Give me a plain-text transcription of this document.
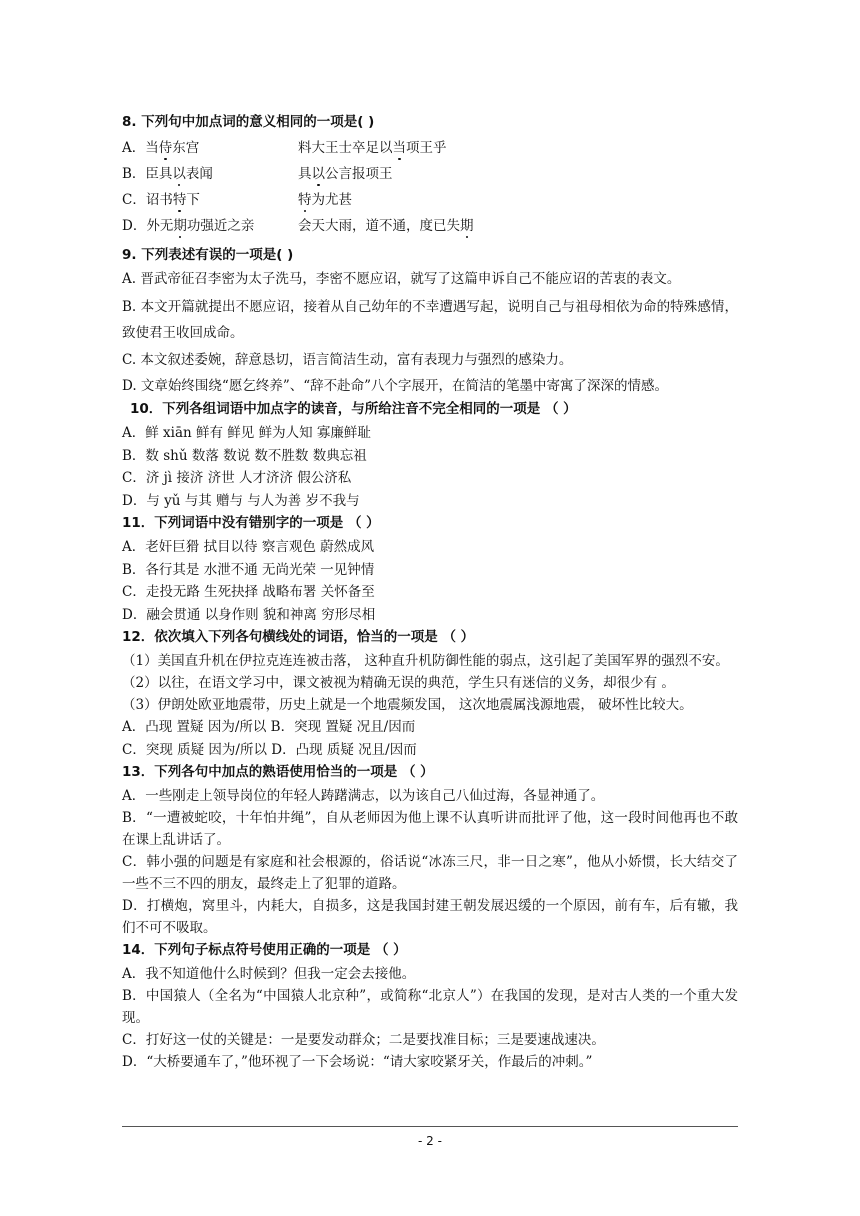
8. 下列句中加点词的意义相同的一项是( )
A．当侍东宫	料大王士卒足以当项王乎
B．臣具以表闻	具以公言报项王
C．诏书特下	特为尤甚
D．外无期功强近之亲	会天大雨，道不通，度已失期
9. 下列表述有误的一项是( )
A. 晋武帝征召李密为太子洗马，李密不愿应诏，就写了这篇申诉自己不能应诏的苦衷的表文。
B. 本文开篇就提出不愿应诏，接着从自己幼年的不幸遭遇写起，说明自己与祖母相依为命的特殊感情，致使君王收回成命。
C. 本文叙述委婉，辞意恳切，语言简洁生动，富有表现力与强烈的感染力。
D. 文章始终围绕“愿乞终养”、“辞不赴命”八个字展开，在简洁的笔墨中寄寓了深深的情感。
10．下列各组词语中加点字的读音，与所给注音不完全相同的一项是 （ ）
A．鲜 xiān 鲜有 鲜见 鲜为人知 寡廉鲜耻
B．数 shǔ 数落 数说 数不胜数 数典忘祖
C．济 jì 接济 济世 人才济济 假公济私
D．与 yǔ 与其 赠与 与人为善 岁不我与
11．下列词语中没有错别字的一项是 （ ）
A．老奸巨猾 拭目以待 察言观色 蔚然成风
B．各行其是 水泄不通 无尚光荣 一见钟情
C．走投无路 生死抉择 战略布署 关怀备至
D．融会贯通 以身作则 貌和神离 穷形尽相
12．依次填入下列各句横线处的词语，恰当的一项是 （ ）
（1）美国直升机在伊拉克连连被击落， 这种直升机防御性能的弱点，这引起了美国军界的强烈不安。
（2）以往，在语文学习中，课文被视为精确无误的典范，学生只有迷信的义务，却很少有 。
（3）伊朗处欧亚地震带，历史上就是一个地震频发国， 这次地震属浅源地震， 破坏性比较大。
A．凸现 置疑 因为/所以 B．突现 置疑 况且/因而
C．突现 质疑 因为/所以 D．凸现 质疑 况且/因而
13．下列各句中加点的熟语使用恰当的一项是 （ ）
A．一些刚走上领导岗位的年轻人踌躇满志，以为该自己八仙过海，各显神通了。
B．“一遭被蛇咬，十年怕井绳”，自从老师因为他上课不认真听讲而批评了他，这一段时间他再也不敢在课上乱讲话了。
C．韩小强的问题是有家庭和社会根源的，俗话说“冰冻三尺，非一日之寒”，他从小娇惯，长大结交了一些不三不四的朋友，最终走上了犯罪的道路。
D．打横炮，窝里斗，内耗大，自损多，这是我国封建王朝发展迟缓的一个原因，前有车，后有辙，我们不可不吸取。
14．下列句子标点符号使用正确的一项是 （ ）
A．我不知道他什么时候到？但我一定会去接他。
B．中国猿人（全名为“中国猿人北京种”，或简称“北京人”）在我国的发现，是对古人类的一个重大发现。
C．打好这一仗的关键是：一是要发动群众；二是要找准目标；三是要速战速决。
D．“大桥要通车了，”他环视了一下会场说：“请大家咬紧牙关，作最后的冲刺。”
- 2 -
